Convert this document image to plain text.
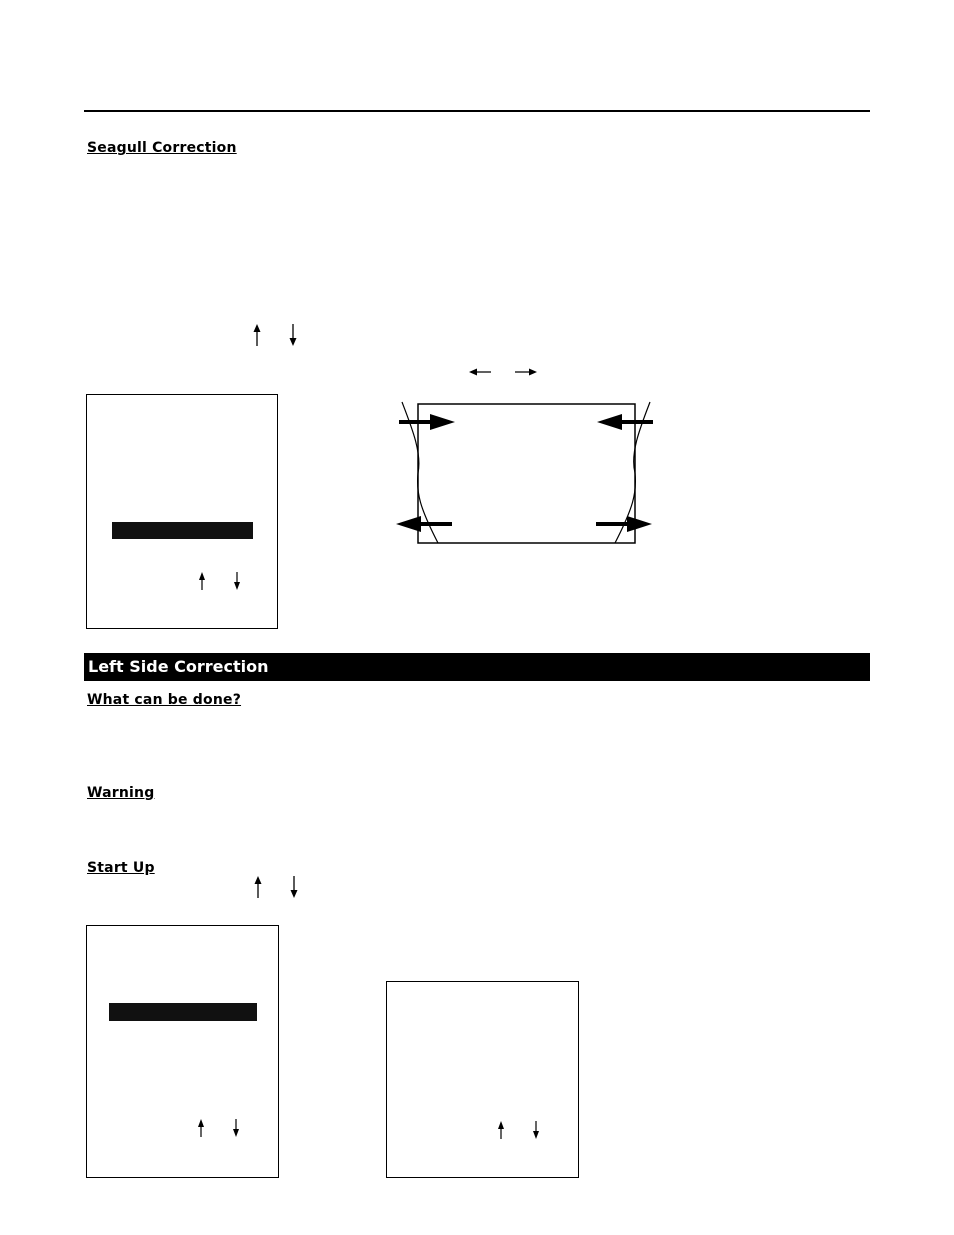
Seagull Correction
Left Side Correction
What can be done?
Warning
Start Up
